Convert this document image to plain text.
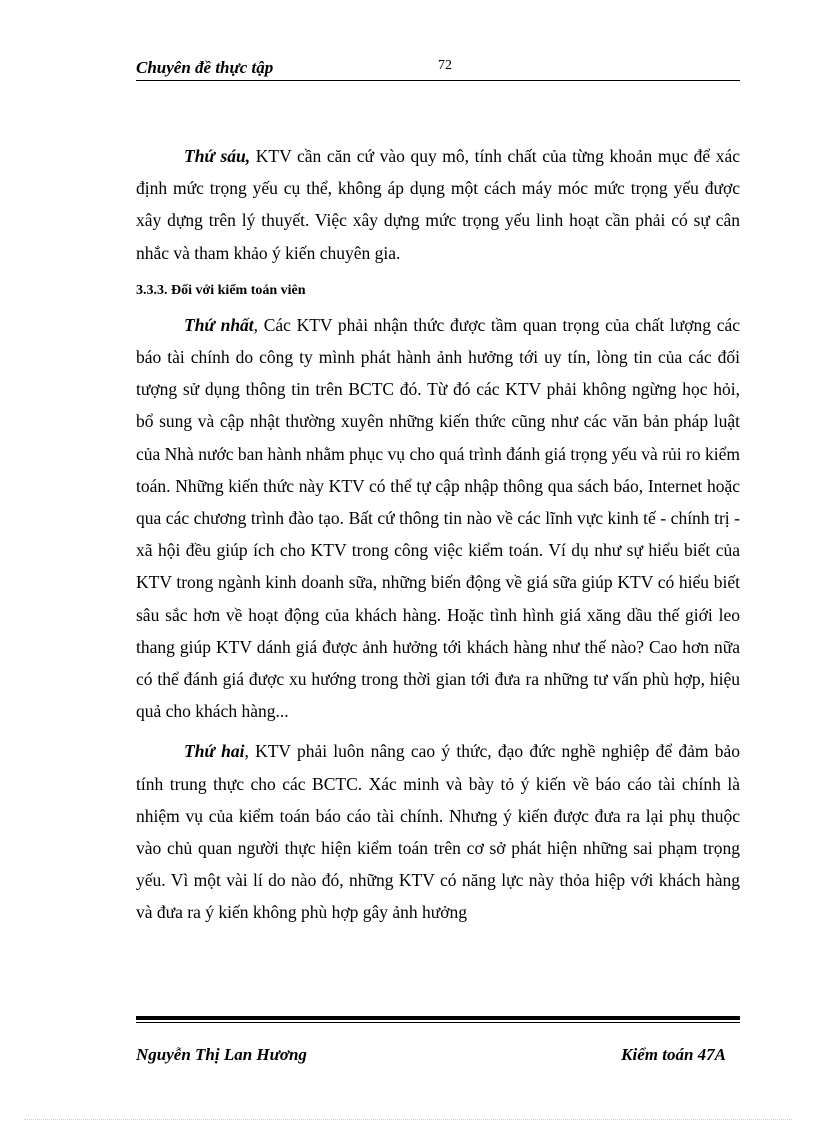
Chuyên đề thực tập	72

Thứ sáu, KTV cần căn cứ vào quy mô, tính chất của từng khoản mục để xác định mức trọng yếu cụ thể, không áp dụng một cách máy móc mức trọng yếu được xây dựng trên lý thuyết. Việc xây dựng mức trọng yếu linh hoạt cần phải có sự cân nhắc và tham khảo ý kiến chuyên gia.

3.3.3. Đối với kiểm toán viên

Thứ nhất, Các KTV phải nhận thức được tầm quan trọng của chất lượng các báo tài chính do công ty mình phát hành ảnh hưởng tới uy tín, lòng tin của các đối tượng sử dụng thông tin trên BCTC đó. Từ đó các KTV phải không ngừng học hỏi, bổ sung và cập nhật thường xuyên những kiến thức cũng như các văn bản pháp luật của Nhà nước ban hành nhằm phục vụ cho quá trình đánh giá trọng yếu và rủi ro kiểm toán. Những kiến thức này KTV có thể tự cập nhập thông qua sách báo, Internet hoặc qua các chương trình đào tạo. Bất cứ thông tin nào về các lĩnh vực kinh tế - chính trị - xã hội đều giúp ích cho KTV trong công việc kiểm toán. Ví dụ như sự hiểu biết của KTV trong ngành kinh doanh sữa, những biến động về giá sữa giúp KTV có hiểu biết sâu sắc hơn về hoạt động của khách hàng. Hoặc tình hình giá xăng dầu thế giới leo thang giúp KTV dánh giá được ảnh hưởng tới khách hàng như thế nào? Cao hơn nữa có thể đánh giá được xu hướng trong thời gian tới đưa ra những tư vấn phù hợp, hiệu quả cho khách hàng...

Thứ hai, KTV phải luôn nâng cao ý thức, đạo đức nghề nghiệp để đảm bảo tính trung thực cho các BCTC. Xác minh và bày tỏ ý kiến về báo cáo tài chính là nhiệm vụ của kiểm toán báo cáo tài chính. Nhưng ý kiến được đưa ra lại phụ thuộc vào chủ quan người thực hiện kiểm toán trên cơ sở phát hiện những sai phạm trọng yếu. Vì một vài lí do nào đó, những KTV có năng lực này thỏa hiệp với khách hàng và đưa ra ý kiến không phù hợp gây ảnh hưởng

Nguyễn Thị Lan Hương	Kiểm toán 47A
